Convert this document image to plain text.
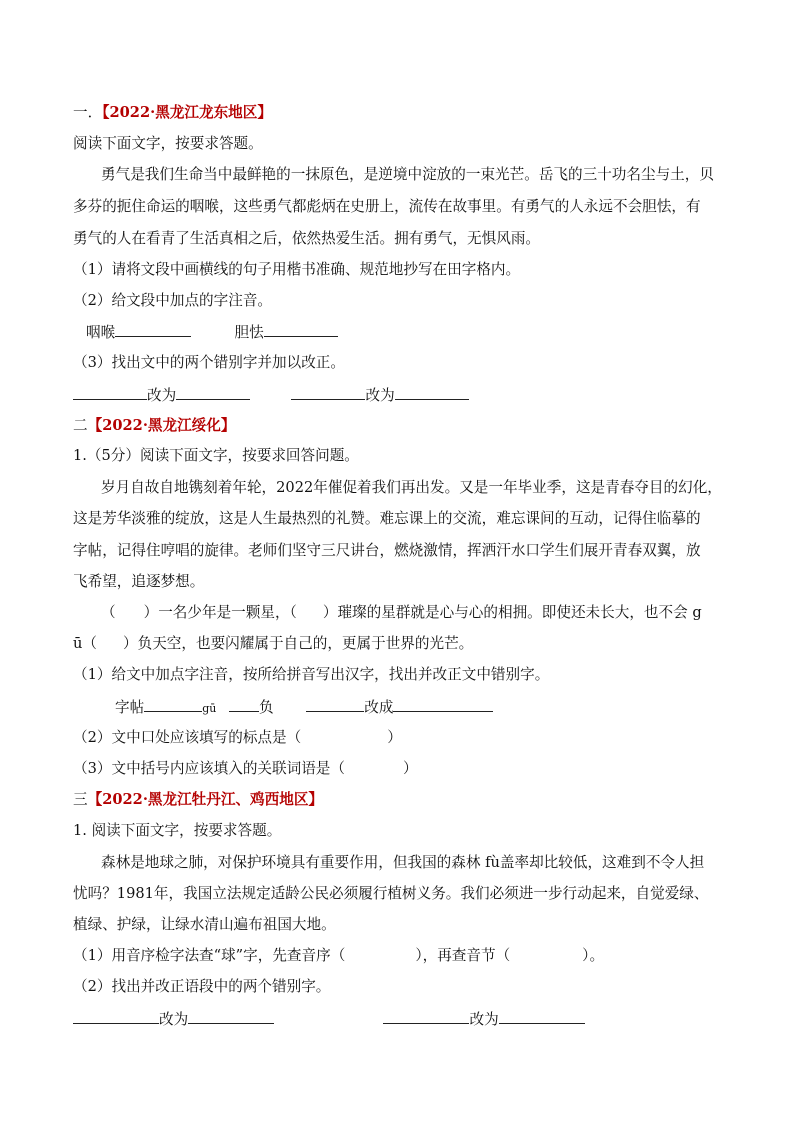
一．【2022·黑龙江龙东地区】
阅读下面文字，按要求答题。
勇气是我们生命当中最鲜艳的一抹原色，是逆境中淀放的一束光芒。岳飞的三十功名尘与土，贝
多芬的扼住命运的咽喉，这些勇气都彪炳在史册上，流传在故事里。有勇气的人永远不会胆怯，有
勇气的人在看青了生活真相之后，依然热爱生活。拥有勇气，无惧风雨。
（1）请将文段中画横线的句子用楷书准确、规范地抄写在田字格内。
（2）给文段中加点的字注音。
咽喉	胆怯
（3）找出文中的两个错别字并加以改正。
改为	改为
二【2022·黑龙江绥化】
1.（5分）阅读下面文字，按要求回答问题。
岁月自故自地镌刻着年轮，2022年催促着我们再出发。又是一年毕业季，这是青春夺目的幻化，
这是芳华淡雅的绽放，这是人生最热烈的礼赞。难忘课上的交流，难忘课间的互动，记得住临摹的
字帖，记得住哼唱的旋律。老师们坚守三尺讲台，燃烧激情，挥洒汗水口学生们展开青春双翼，放
飞希望，追逐梦想。
（ ）一名少年是一颗星，（ ）璀璨的星群就是心与心的相拥。即使还未长大，也不会 g
ū（ ）负天空，也要闪耀属于自己的，更属于世界的光芒。
（1）给文中加点字注音，按所给拼音写出汉字，找出并改正文中错别字。
字帖	gū	负	改成
（2）文中口处应该填写的标点是（	）
（3）文中括号内应该填入的关联词语是（	）
三【2022·黑龙江牡丹江、鸡西地区】
1. 阅读下面文字，按要求答题。
森林是地球之肺，对保护环境具有重要作用，但我国的森林 fù盖率却比较低，这难到不令人担
忧吗？1981年，我国立法规定适龄公民必须履行植树义务。我们必须进一步行动起来，自觉爱绿、
植绿、护绿，让绿水清山遍布祖国大地。
（1）用音序检字法查“球”字，先查音序（	），再查音节（	）。
（2）找出并改正语段中的两个错别字。
改为	改为
